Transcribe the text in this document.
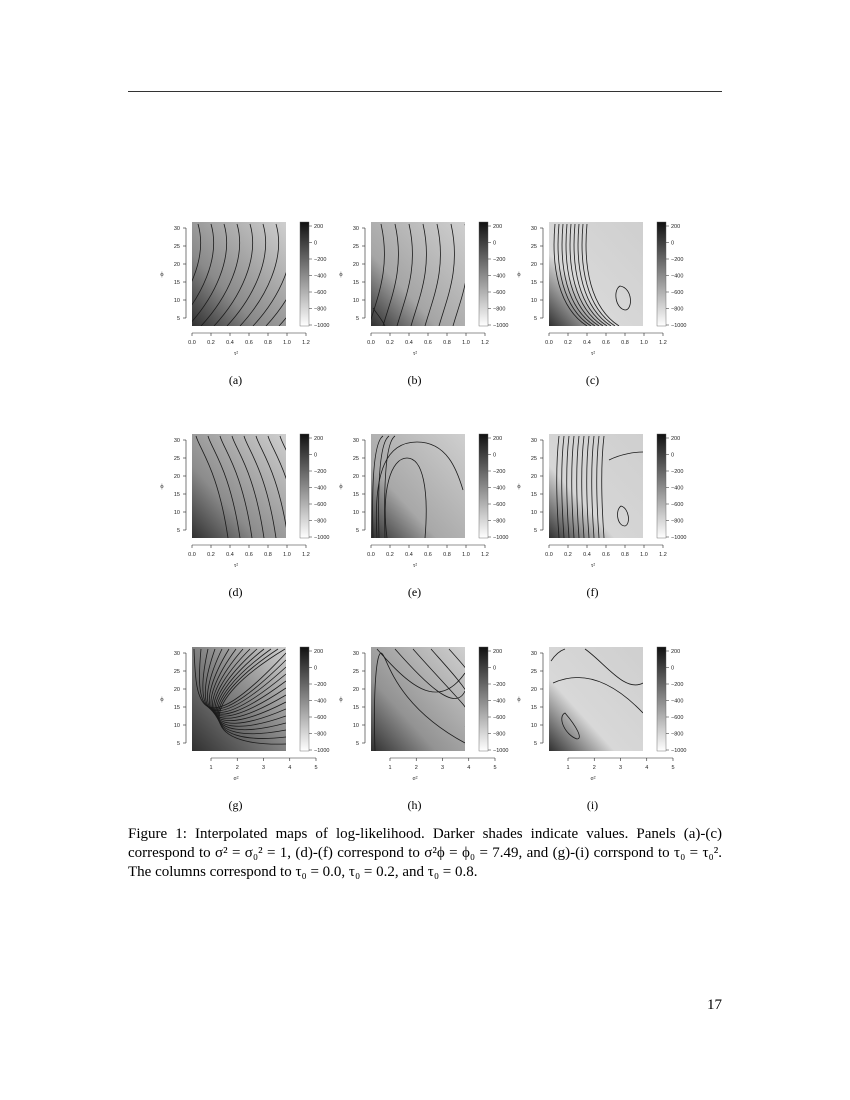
5
10
15
20
25
30
ϕ
0.0 0.2 0.4 0.6 0.8 1.0 1.2
τ²
200
0
−200
−400
−600
−800
−1000
(a)
5
10
15
20
25
30
ϕ
0.0 0.2 0.4 0.6 0.8 1.0 1.2
τ²
200
0
−200
−400
−600
−800
−1000
(b)
5
10
15
20
25
30
ϕ
0.0 0.2 0.4 0.6 0.8 1.0 1.2
τ²
200
0
−200
−400
−600
−800
−1000
(c)
5
10
15
20
25
30
ϕ
0.0 0.2 0.4 0.6 0.8 1.0 1.2
τ²
200
0
−200
−400
−600
−800
−1000
(d)
5
10
15
20
25
30
ϕ
0.0 0.2 0.4 0.6 0.8 1.0 1.2
τ²
200
0
−200
−400
−600
−800
−1000
(e)
5
10
15
20
25
30
ϕ
0.0 0.2 0.4 0.6 0.8 1.0 1.2
τ²
200
0
−200
−400
−600
−800
−1000
(f)
5
10
15
20
25
30
ϕ
1	2	3	4	5
σ²
200
0
−200
−400
−600
−800
−1000
(g)
5
10
15
20
25
30
ϕ
1	2	3	4	5
σ²
200
0
−200
−400
−600
−800
−1000
(h)
5
10
15
20
25
30
ϕ
1	2	3	4	5
σ²
200
0
−200
−400
−600
−800
−1000
(i)
Figure 1: Interpolated maps of log-likelihood. Darker shades indicate values. Panels (a)-(c) correspond to σ² = σ₀² = 1, (d)-(f) correspond to σ²ϕ = ϕ₀ = 7.49, and (g)-(i) corrspond to τ₀ = τ₀². The columns correspond to τ₀ = 0.0, τ₀ = 0.2, and τ₀ = 0.8.
17
